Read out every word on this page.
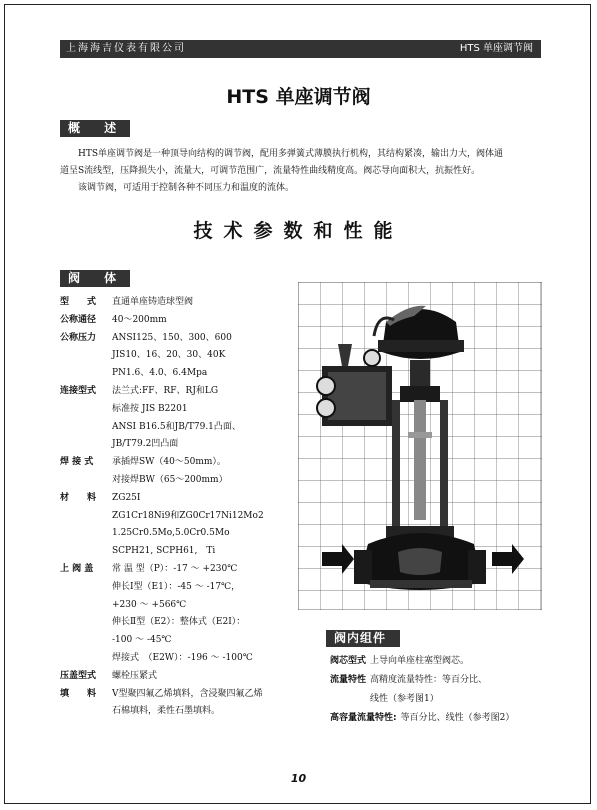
上海海吉仪表有限公司	HTS 单座调节阀
HTS 单座调节阀
概 述

HTS单座调节阀是一种顶导向结构的调节阀，配用多弹簧式薄膜执行机构，其结构紧凑，输出力大，阀体通

道呈S流线型，压降损失小，流量大，可调节范围广，流量特性曲线精度高。阀芯导向面积大，抗振性好。

该调节阀，可适用于控制各种不同压力和温度的流体。

技术参数和性能
阀 体
型　　式	直通单座铸造球型阀
公称通径	40～200mm
公称压力	ANSI125、150、300、600
JIS10、16、20、30、40K
PN1.6、4.0、6.4Mpa
连接型式	法兰式:FF、RF、RJ和LG
标准按 JIS B2201
ANSI B16.5和JB/T79.1凸面、
JB/T79.2凹凸面
焊 接 式	承插焊SW（40～50mm）。
对接焊BW（65～200mm）
材　　料	ZG25I
ZG1Cr18Ni9和ZG0Cr17Ni12Mo2
1.25Cr0.5Mo,5.0Cr0.5Mo
SCPH21, SCPH61,　Ti
上 阀 盖	常 温 型（P）：-17 ～ +230℃
伸长Ⅰ型（E1）：-45 ～ -17℃，
+230 ～ +566℃
伸长Ⅱ型（E2）：整体式（E2I）：
-100 ～ -45℃
焊接式　（E2W）：-196 ～ -100℃
压盖型式	螺栓压紧式
填　　料	V型聚四氟乙烯填料，含浸聚四氟乙烯
石棉填料，柔性石墨填料。
阀内组件
阀芯型式 上导向单座柱塞型阀芯。
流量特性 高精度流量特性：等百分比、
　　　　线性（参考图1）
高容量流量特性: 等百分比、线性（参考图2）
10
